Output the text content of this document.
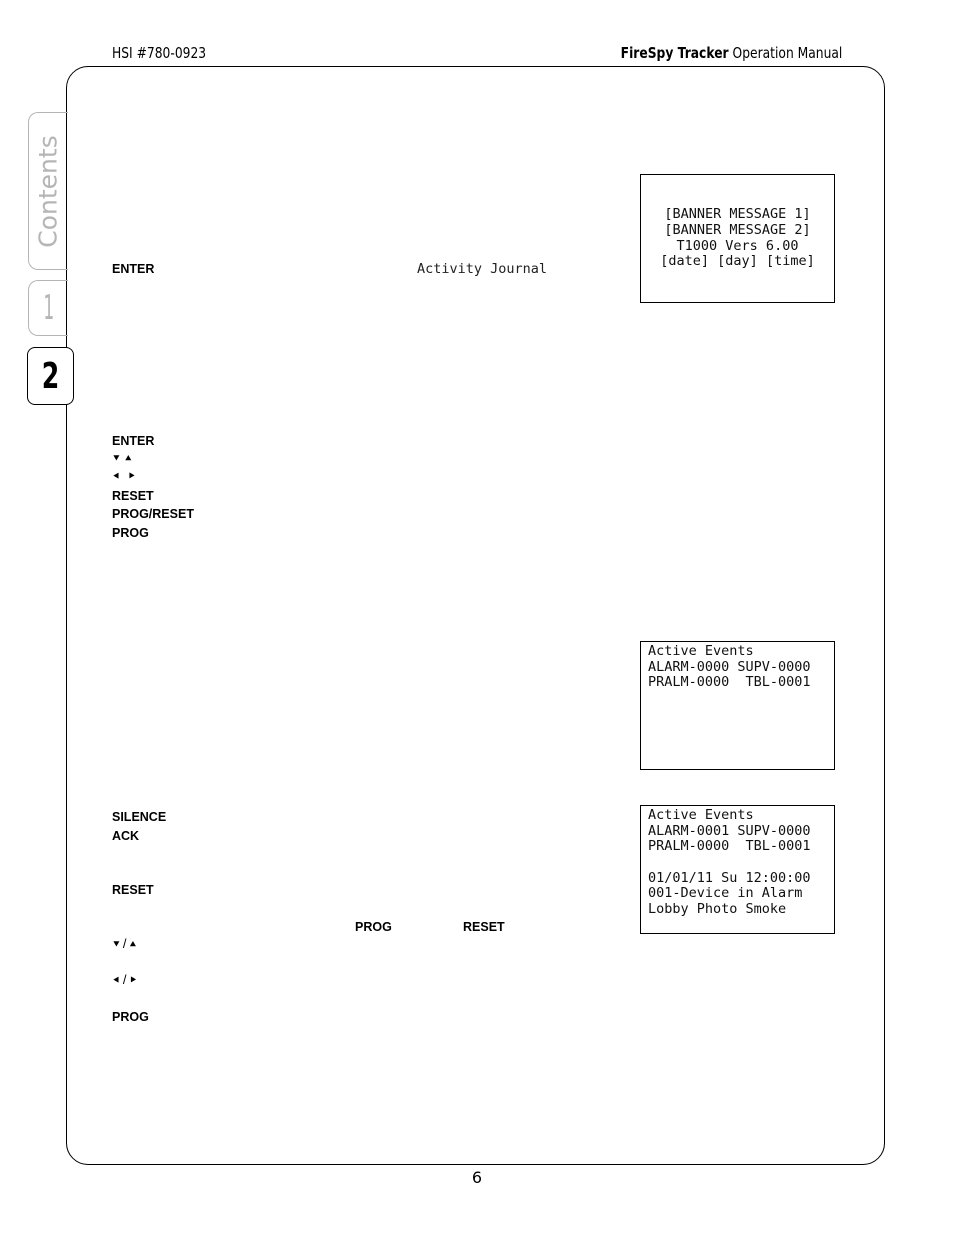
HSI #780-0923	FireSpy Tracker Operation Manual
Contents
1
2
ENTER	Activity Journal
[BANNER MESSAGE 1]
[BANNER MESSAGE 2]
T1000 Vers 6.00
[date] [day] [time]
ENTER
⯆ ⯅
⯇ ⯈
RESET
PROG/RESET
PROG
Active Events
ALARM-0000 SUPV-0000
PRALM-0000  TBL-0001
Active Events
ALARM-0001 SUPV-0000
PRALM-0000  TBL-0001
01/01/11 Su 12:00:00
001-Device in Alarm
Lobby Photo Smoke
SILENCE
ACK
RESET
PROG	RESET
⯆ / ⯅
⯇ / ⯈
PROG
6
